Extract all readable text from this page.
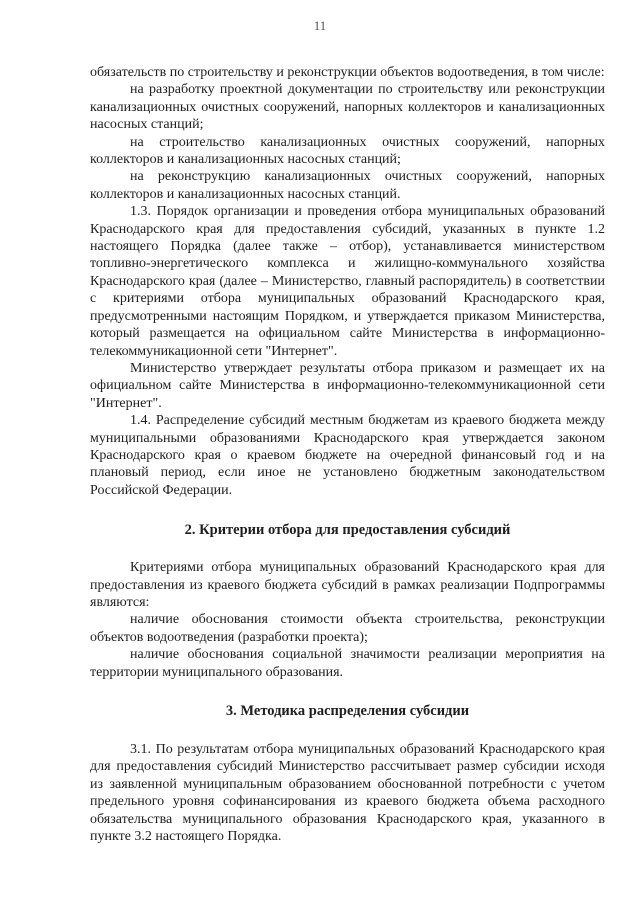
11

обязательств по строительству и реконструкции объектов водоотведения, в том числе:

на разработку проектной документации по строительству или реконструкции канализационных очистных сооружений, напорных коллекторов и канализационных насосных станций;

на строительство канализационных очистных сооружений, напорных коллекторов и канализационных насосных станций;

на реконструкцию канализационных очистных сооружений, напорных коллекторов и канализационных насосных станций.

1.3. Порядок организации и проведения отбора муниципальных образований Краснодарского края для предоставления субсидий, указанных в пункте 1.2 настоящего Порядка (далее также – отбор), устанавливается министерством топливно-энергетического комплекса и жилищно-коммунального хозяйства Краснодарского края (далее – Министерство, главный распорядитель) в соответствии с критериями отбора муниципальных образований Краснодарского края, предусмотренными настоящим Порядком, и утверждается приказом Министерства, который размещается на официальном сайте Министерства в информационно-телекоммуникационной сети "Интернет".

Министерство утверждает результаты отбора приказом и размещает их на официальном сайте Министерства в информационно-телекоммуникационной сети "Интернет".

1.4. Распределение субсидий местным бюджетам из краевого бюджета между муниципальными образованиями Краснодарского края утверждается законом Краснодарского края о краевом бюджете на очередной финансовый год и на плановый период, если иное не установлено бюджетным законодательством Российской Федерации.

2. Критерии отбора для предоставления субсидий

Критериями отбора муниципальных образований Краснодарского края для предоставления из краевого бюджета субсидий в рамках реализации Подпрограммы являются:

наличие обоснования стоимости объекта строительства, реконструкции объектов водоотведения (разработки проекта);

наличие обоснования социальной значимости реализации мероприятия на территории муниципального образования.

3. Методика распределения субсидии

3.1. По результатам отбора муниципальных образований Краснодарского края для предоставления субсидий Министерство рассчитывает размер субсидии исходя из заявленной муниципальным образованием обоснованной потребности с учетом предельного уровня софинансирования из краевого бюджета объема расходного обязательства муниципального образования Краснодарского края, указанного в пункте 3.2 настоящего Порядка.
